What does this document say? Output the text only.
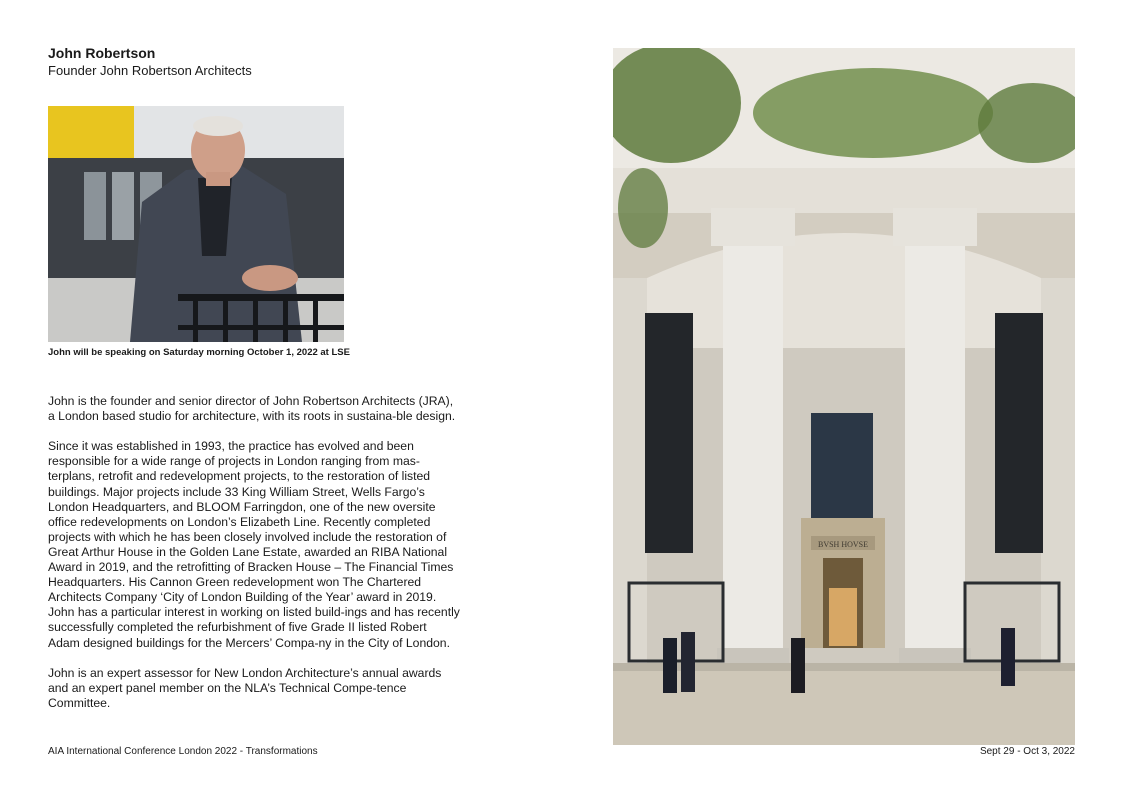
John Robertson
Founder John Robertson Architects
John will be speaking on Saturday morning October 1, 2022 at LSE

John is the founder and senior director of John Robertson Architects (JRA), a London based studio for architecture, with its roots in sustaina-ble design.

Since it was established in 1993, the practice has evolved and been responsible for a wide range of projects in London ranging from mas-terplans, retrofit and redevelopment projects, to the restoration of listed buildings. Major projects include 33 King William Street, Wells Fargo’s London Headquarters, and BLOOM Farringdon, one of the new oversite office redevelopments on London’s Elizabeth Line. Recently completed projects with which he has been closely involved include the restoration of Great Arthur House in the Golden Lane Estate, awarded an RIBA National Award in 2019, and the retrofitting of Bracken House – The Financial Times Headquarters. His Cannon Green redevelopment won The Chartered Architects Company ‘City of London Building of the Year’ award in 2019. John has a particular interest in working on listed build-ings and has recently successfully completed the refurbishment of five Grade II listed Robert Adam designed buildings for the Mercers’ Compa-ny in the City of London.

John is an expert assessor for New London Architecture’s annual awards and an expert panel member on the NLA’s Technical Compe-tence Committee.

AIA International Conference London 2022 - Transformations	Sept 29 - Oct 3, 2022
BVSH HOVSE
